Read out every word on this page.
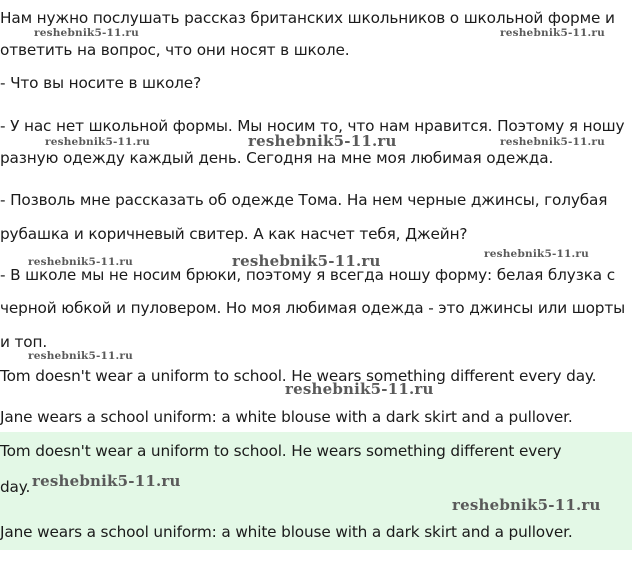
Нам нужно послушать рассказ британских школьников о школьной форме и
ответить на вопрос, что они носят в школе.
- Что вы носите в школе?
- У нас нет школьной формы. Мы носим то, что нам нравится. Поэтому я ношу
разную одежду каждый день. Сегодня на мне моя любимая одежда.
- Позволь мне рассказать об одежде Тома. На нем черные джинсы, голубая
рубашка и коричневый свитер. А как насчет тебя, Джейн?
- В школе мы не носим брюки, поэтому я всегда ношу форму: белая блузка с
черной юбкой и пуловером. Но моя любимая одежда - это джинсы или шорты
и топ.
Tom doesn't wear a uniform to school. He wears something different every day.
Jane wears a school uniform: a white blouse with a dark skirt and a pullover.
Tom doesn't wear a uniform to school. He wears something different every
day.
Jane wears a school uniform: a white blouse with a dark skirt and a pullover.
reshebnik5-11.ru	reshebnik5-11.ru
reshebnik5-11.ru	reshebnik5-11.ru	reshebnik5-11.ru
reshebnik5-11.ru
reshebnik5-11.ru	reshebnik5-11.ru
reshebnik5-11.ru
reshebnik5-11.ru
reshebnik5-11.ru
reshebnik5-11.ru
